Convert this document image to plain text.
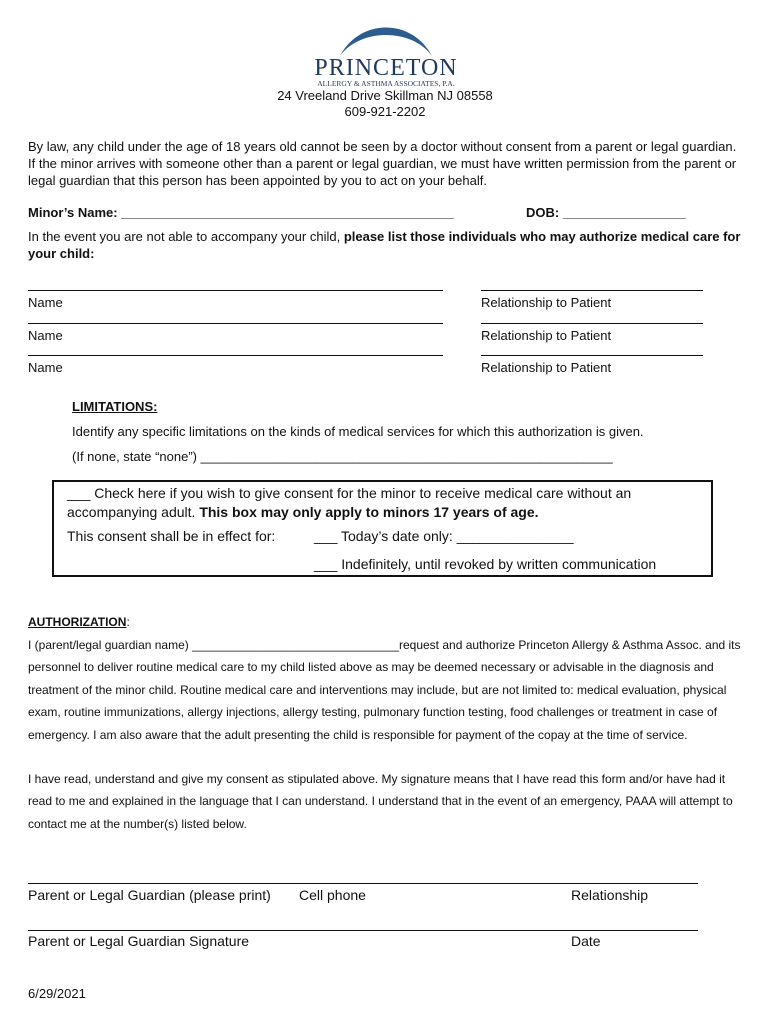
PRINCETON
ALLERGY & ASTHMA ASSOCIATES, P.A.
24 Vreeland Drive Skillman NJ 08558
609-921-2202
By law, any child under the age of 18 years old cannot be seen by a doctor without consent from a parent or legal guardian. If the minor arrives with someone other than a parent or legal guardian, we must have written permission from the parent or legal guardian that this person has been appointed by you to act on your behalf.
Minor’s Name: ______________________________________________	DOB: _________________
In the event you are not able to accompany your child, please list those individuals who may authorize medical care for your child:
Name	Relationship to Patient
Name	Relationship to Patient
Name	Relationship to Patient
LIMITATIONS:
Identify any specific limitations on the kinds of medical services for which this authorization is given.
(If none, state “none”) _________________________________________________________
___ Check here if you wish to give consent for the minor to receive medical care without an accompanying adult. This box may only apply to minors 17 years of age.
This consent shall be in effect for:	___ Today’s date only: _______________
___ Indefinitely, until revoked by written communication
AUTHORIZATION:
I (parent/legal guardian name) _______________________________request and authorize Princeton Allergy & Asthma Assoc. and its personnel to deliver routine medical care to my child listed above as may be deemed necessary or advisable in the diagnosis and treatment of the minor child. Routine medical care and interventions may include, but are not limited to: medical evaluation, physical exam, routine immunizations, allergy injections, allergy testing, pulmonary function testing, food challenges or treatment in case of emergency. I am also aware that the adult presenting the child is responsible for payment of the copay at the time of service.
I have read, understand and give my consent as stipulated above. My signature means that I have read this form and/or have had it read to me and explained in the language that I can understand. I understand that in the event of an emergency, PAAA will attempt to contact me at the number(s) listed below.
Parent or Legal Guardian (please print) Cell phone	Relationship
Parent or Legal Guardian Signature	Date
6/29/2021
